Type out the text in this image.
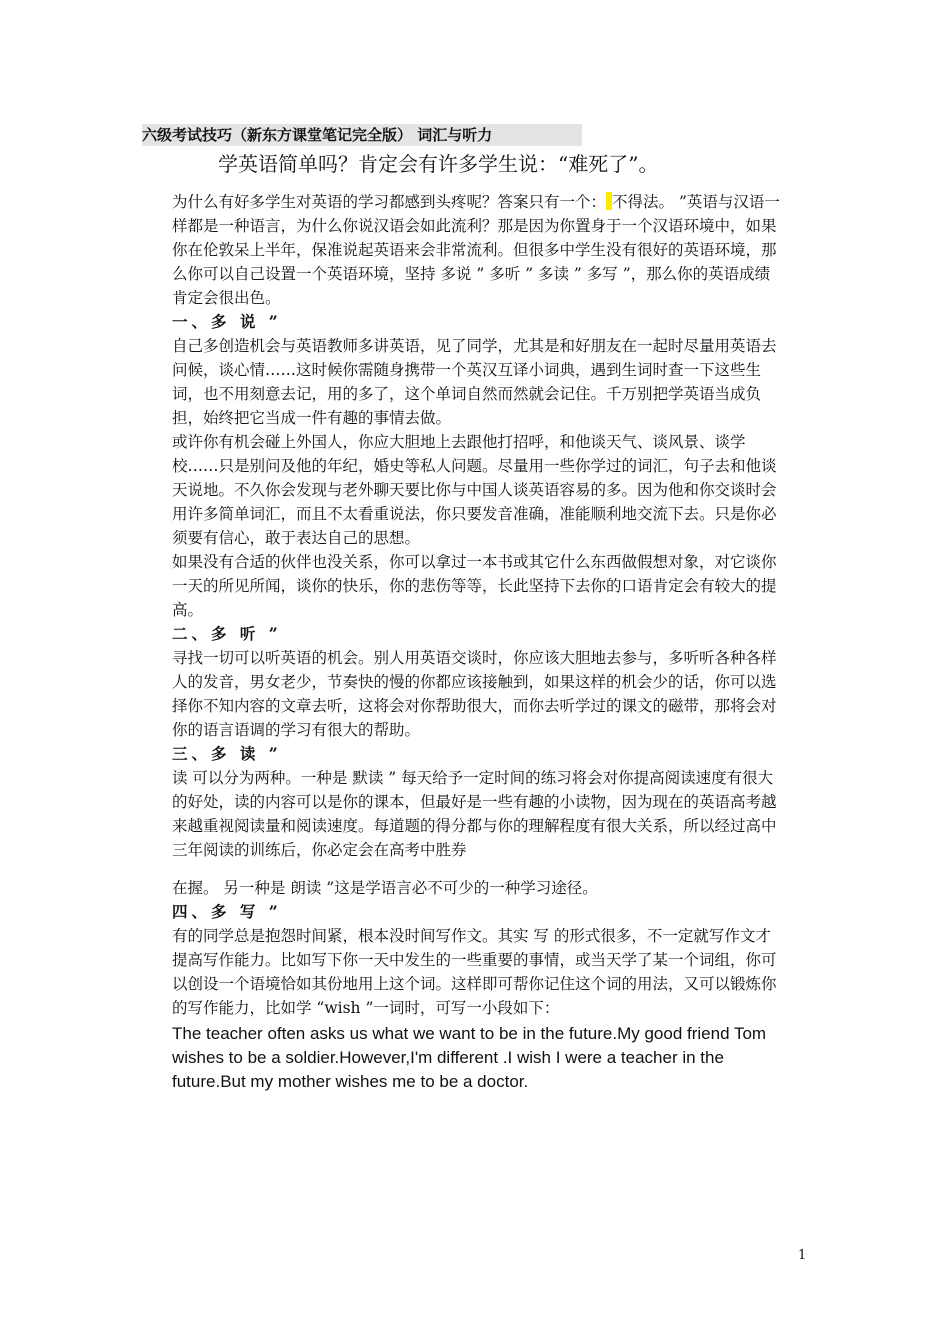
六级考试技巧（新东方课堂笔记完全版） 词汇与听力
学英语简单吗？肯定会有许多学生说：“难死了”。

为什么有好多学生对英语的学习都感到头疼呢？答案只有一个： 不得法。 ”英语与汉语一样都是一种语言，为什么你说汉语会如此流利？那是因为你置身于一个汉语环境中，如果你在伦敦呆上半年，保准说起英语来会非常流利。但很多中学生没有很好的英语环境，那么你可以自己设置一个英语环境，坚持 多说 ” 多听 ” 多读 ” 多写 ”，那么你的英语成绩肯定会很出色。

一、多 说 ”

自己多创造机会与英语教师多讲英语，见了同学，尤其是和好朋友在一起时尽量用英语去问候，谈心情……这时候你需随身携带一个英汉互译小词典，遇到生词时查一下这些生词，也不用刻意去记，用的多了，这个单词自然而然就会记住。千万别把学英语当成负担，始终把它当成一件有趣的事情去做。

或许你有机会碰上外国人，你应大胆地上去跟他打招呼，和他谈天气、谈风景、谈学校……只是别问及他的年纪，婚史等私人问题。尽量用一些你学过的词汇，句子去和他谈天说地。不久你会发现与老外聊天要比你与中国人谈英语容易的多。因为他和你交谈时会用许多简单词汇，而且不太看重说法，你只要发音准确，准能顺利地交流下去。只是你必须要有信心，敢于表达自己的思想。

如果没有合适的伙伴也没关系，你可以拿过一本书或其它什么东西做假想对象，对它谈你一天的所见所闻，谈你的快乐，你的悲伤等等，长此坚持下去你的口语肯定会有较大的提高。

二、多 听 ”

寻找一切可以听英语的机会。别人用英语交谈时，你应该大胆地去参与，多听听各种各样人的发音，男女老少，节奏快的慢的你都应该接触到，如果这样的机会少的话，你可以选择你不知内容的文章去听，这将会对你帮助很大，而你去听学过的课文的磁带，那将会对你的语言语调的学习有很大的帮助。

三、多 读 ”

读 可以分为两种。一种是 默读 ” 每天给予一定时间的练习将会对你提高阅读速度有很大的好处，读的内容可以是你的课本，但最好是一些有趣的小读物，因为现在的英语高考越来越重视阅读量和阅读速度。每道题的得分都与你的理解程度有很大关系，所以经过高中三年阅读的训练后，你必定会在高考中胜券

在握。 另一种是 朗读 ”这是学语言必不可少的一种学习途径。

四、多 写 ”

有的同学总是抱怨时间紧，根本没时间写作文。其实 写 的形式很多，不一定就写作文才提高写作能力。比如写下你一天中发生的一些重要的事情，或当天学了某一个词组，你可以创设一个语境恰如其份地用上这个词。这样即可帮你记住这个词的用法，又可以锻炼你的写作能力，比如学 “wish ”一词时，可写一小段如下：

The teacher often asks us what we want to be in the future.My good friend Tom wishes to be a soldier.However,I'm different .I wish I were a teacher in the future.But my mother wishes me to be a doctor.

1
